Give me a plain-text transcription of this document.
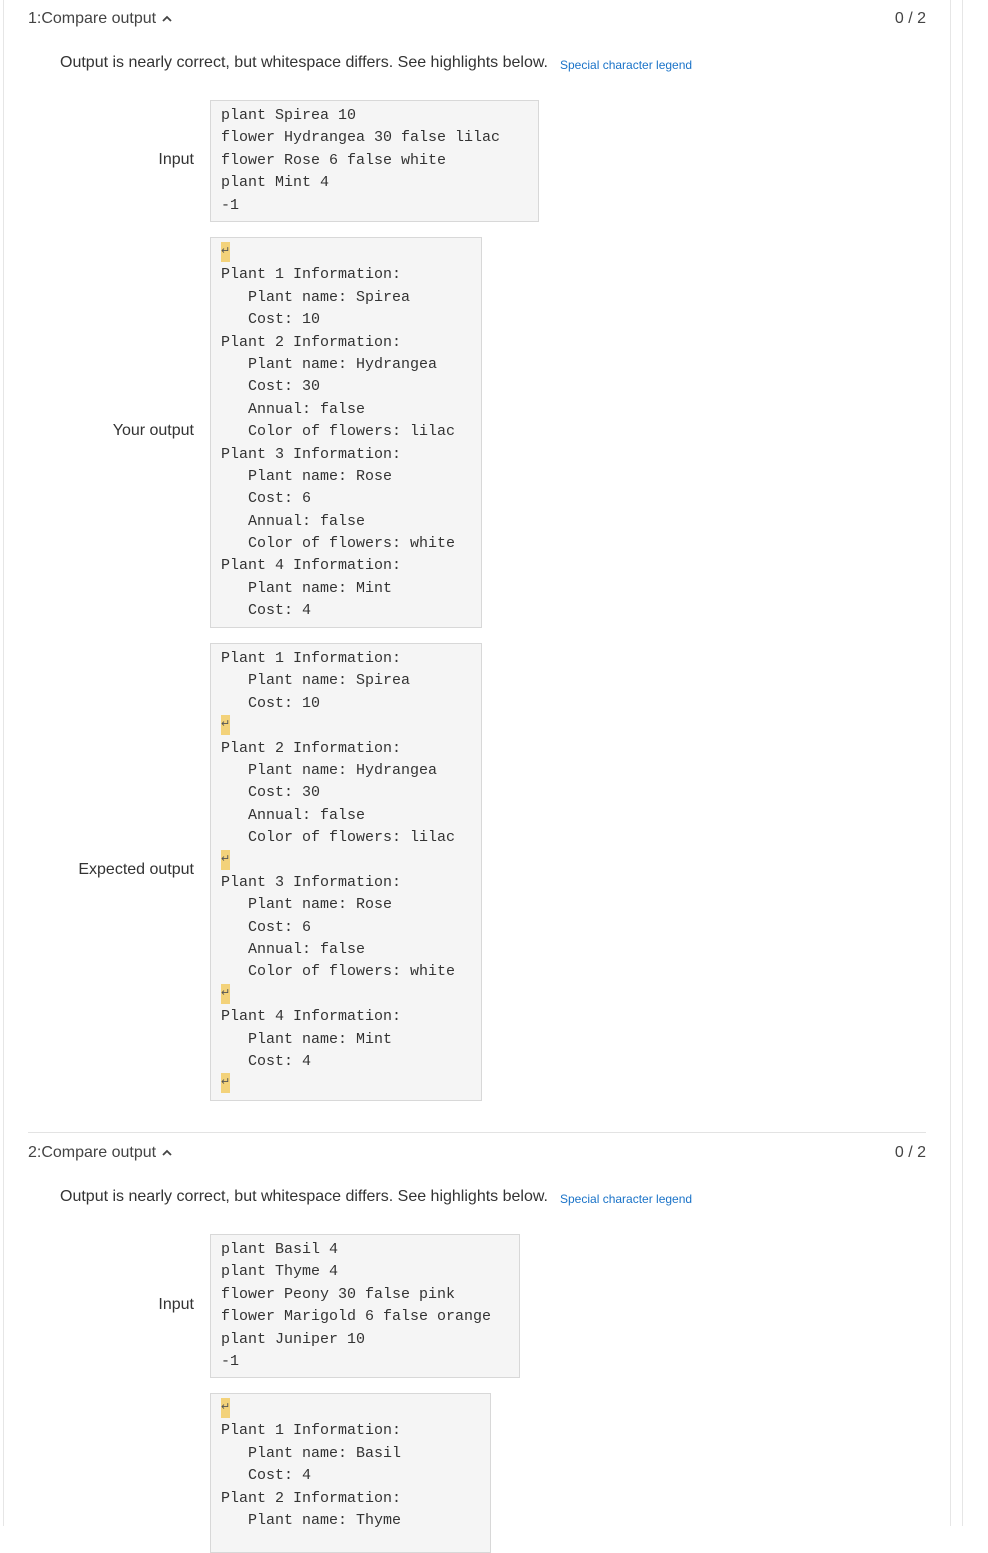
1:Compare output	0 / 2
Output is nearly correct, but whitespace differs. See highlights below. Special character legend
Input
plant Spirea 10
flower Hydrangea 30 false lilac
flower Rose 6 false white
plant Mint 4
-1
Your output
↵
Plant 1 Information:
Plant name: Spirea
Cost: 10
Plant 2 Information:
Plant name: Hydrangea
Cost: 30
Annual: false
Color of flowers: lilac
Plant 3 Information:
Plant name: Rose
Cost: 6
Annual: false
Color of flowers: white
Plant 4 Information:
Plant name: Mint
Cost: 4
Expected output
Plant 1 Information:
Plant name: Spirea
Cost: 10
↵
Plant 2 Information:
Plant name: Hydrangea
Cost: 30
Annual: false
Color of flowers: lilac
↵
Plant 3 Information:
Plant name: Rose
Cost: 6
Annual: false
Color of flowers: white
↵
Plant 4 Information:
Plant name: Mint
Cost: 4
↵
2:Compare output	0 / 2
Output is nearly correct, but whitespace differs. See highlights below. Special character legend
Input
plant Basil 4
plant Thyme 4
flower Peony 30 false pink
flower Marigold 6 false orange
plant Juniper 10
-1
↵
Plant 1 Information:
Plant name: Basil
Cost: 4
Plant 2 Information:
Plant name: Thyme
